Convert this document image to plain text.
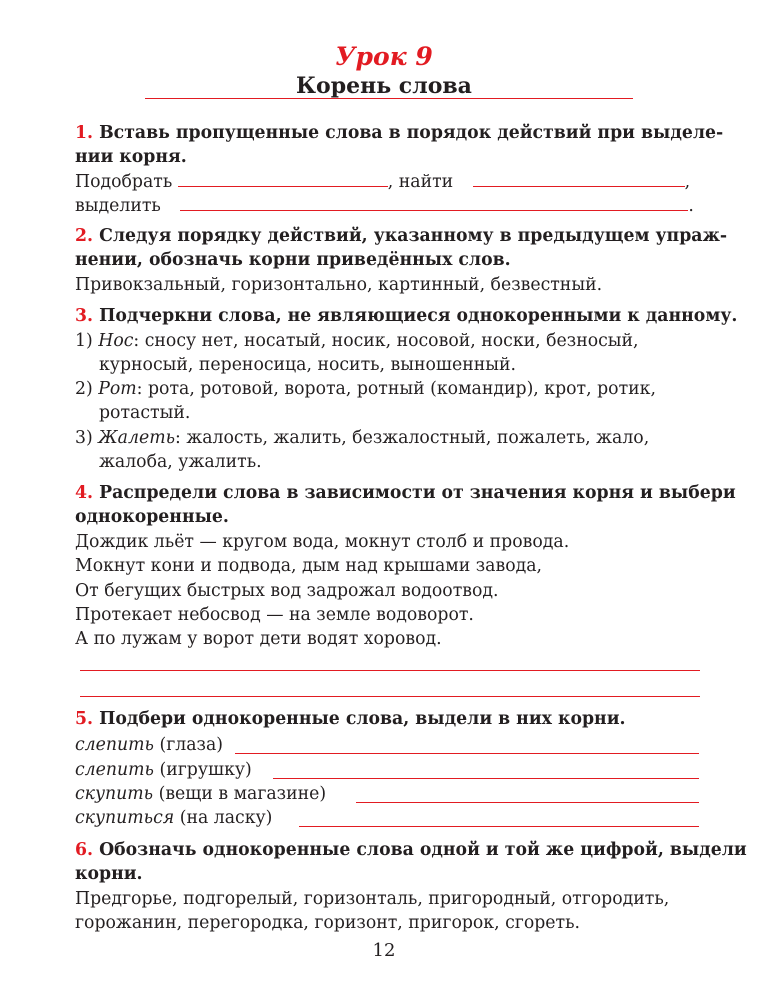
Урок 9
Корень слова
1. Вставь пропущенные слова в порядок действий при выделе-
нии корня.
Подобрать	, найти	,
выделить	.
2. Следуя порядку действий, указанному в предыдущем упраж-
нении, обозначь корни приведённых слов.
Привокзальный, горизонтально, картинный, безвестный.
3. Подчеркни слова, не являющиеся однокоренными к данному.
1) Нос: сносу нет, носатый, носик, носовой, носки, безносый,
курносый, переносица, носить, выношенный.
2) Рот: рота, ротовой, ворота, ротный (командир), крот, ротик,
ротастый.
3) Жалеть: жалость, жалить, безжалостный, пожалеть, жало,
жалоба, ужалить.
4. Распредели слова в зависимости от значения корня и выбери
однокоренные.
Дождик льёт — кругом вода, мокнут столб и провода.
Мокнут кони и подвода, дым над крышами завода,
От бегущих быстрых вод задрожал водоотвод.
Протекает небосвод — на земле водоворот.
А по лужам у ворот дети водят хоровод.
5. Подбери однокоренные слова, выдели в них корни.
слепить (глаза)
слепить (игрушку)
скупить (вещи в магазине)
скупиться (на ласку)
6. Обозначь однокоренные слова одной и той же цифрой, выдели
корни.
Предгорье, подгорелый, горизонталь, пригородный, отгородить,
горожанин, перегородка, горизонт, пригорок, сгореть.
12
